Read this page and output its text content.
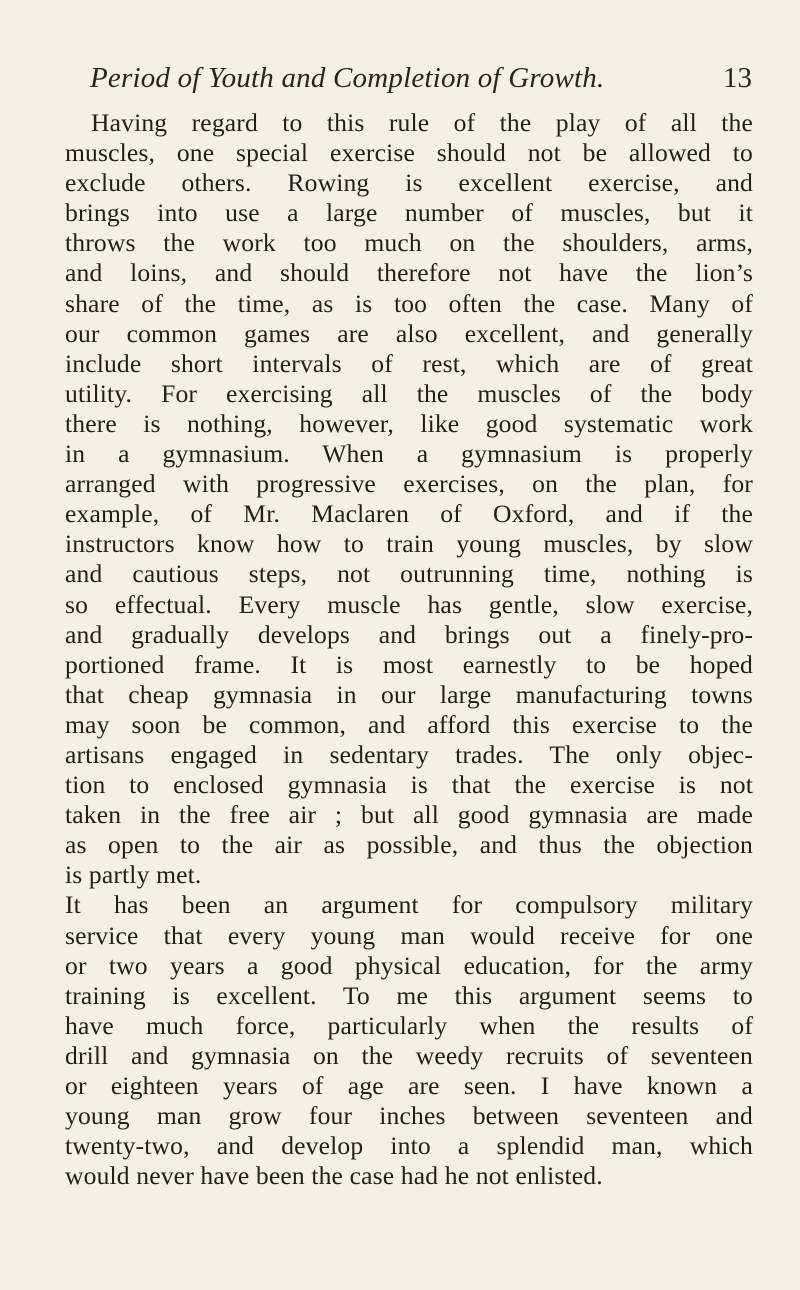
Period of Youth and Completion of Growth.	13
Having regard to this rule of the play of all the
muscles, one special exercise should not be allowed to
exclude others. Rowing is excellent exercise, and
brings into use a large number of muscles, but it
throws the work too much on the shoulders, arms,
and loins, and should therefore not have the lion’s
share of the time, as is too often the case. Many of
our common games are also excellent, and generally
include short intervals of rest, which are of great
utility. For exercising all the muscles of the body
there is nothing, however, like good systematic work
in a gymnasium. When a gymnasium is properly
arranged with progressive exercises, on the plan, for
example, of Mr. Maclaren of Oxford, and if the
instructors know how to train young muscles, by slow
and cautious steps, not outrunning time, nothing is
so effectual. Every muscle has gentle, slow exercise,
and gradually develops and brings out a finely-pro-
portioned frame. It is most earnestly to be hoped
that cheap gymnasia in our large manufacturing towns
may soon be common, and afford this exercise to the
artisans engaged in sedentary trades. The only objec-
tion to enclosed gymnasia is that the exercise is not
taken in the free air ; but all good gymnasia are made
as open to the air as possible, and thus the objection
is partly met.
It has been an argument for compulsory military
service that every young man would receive for one
or two years a good physical education, for the army
training is excellent. To me this argument seems to
have much force, particularly when the results of
drill and gymnasia on the weedy recruits of seventeen
or eighteen years of age are seen. I have known a
young man grow four inches between seventeen and
twenty-two, and develop into a splendid man, which
would never have been the case had he not enlisted.
